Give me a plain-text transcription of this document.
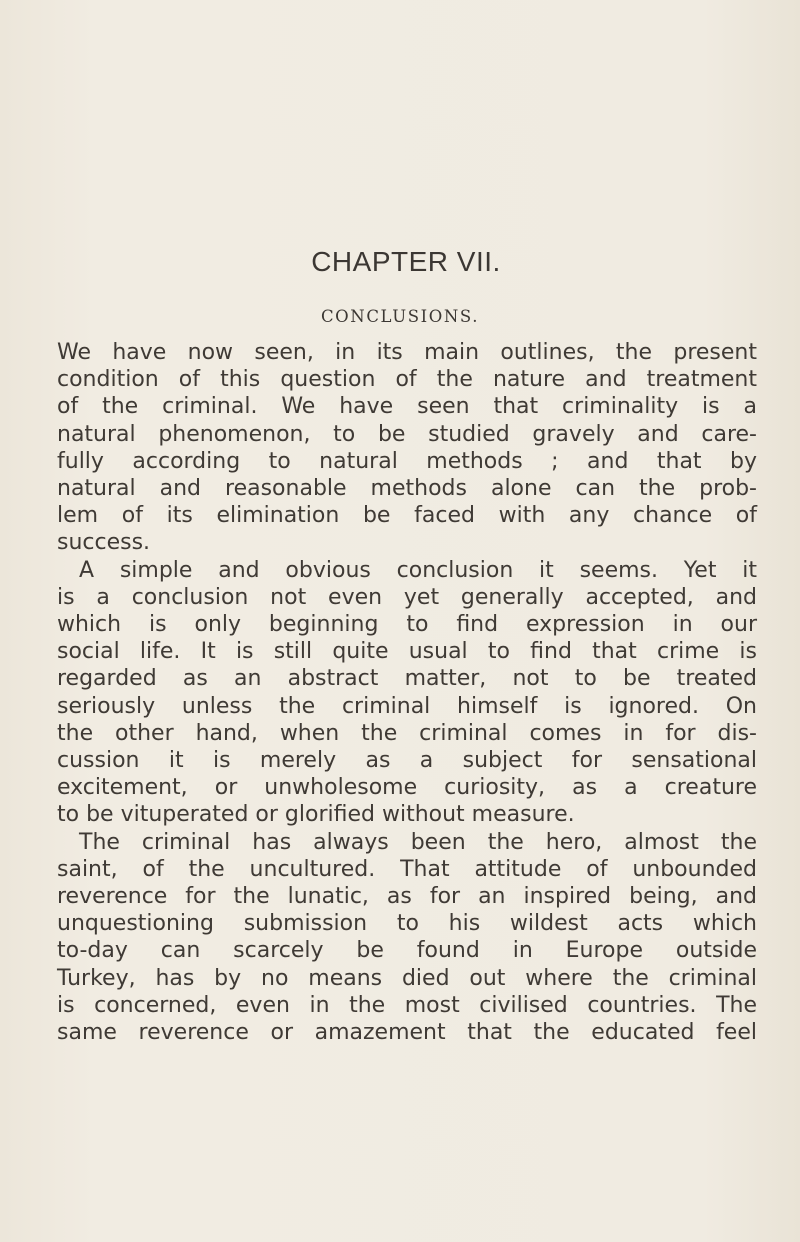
CHAPTER VII.
CONCLUSIONS.
We have now seen, in its main outlines, the present
condition of this question of the nature and treatment
of the criminal. We have seen that criminality is a
natural phenomenon, to be studied gravely and care-
fully according to natural methods ; and that by
natural and reasonable methods alone can the prob-
lem of its elimination be faced with any chance of
success.
A simple and obvious conclusion it seems. Yet it
is a conclusion not even yet generally accepted, and
which is only beginning to find expression in our
social life. It is still quite usual to find that crime is
regarded as an abstract matter, not to be treated
seriously unless the criminal himself is ignored. On
the other hand, when the criminal comes in for dis-
cussion it is merely as a subject for sensational
excitement, or unwholesome curiosity, as a creature
to be vituperated or glorified without measure.
The criminal has always been the hero, almost the
saint, of the uncultured. That attitude of unbounded
reverence for the lunatic, as for an inspired being, and
unquestioning submission to his wildest acts which
to-day can scarcely be found in Europe outside
Turkey, has by no means died out where the criminal
is concerned, even in the most civilised countries. The
same reverence or amazement that the educated feel
